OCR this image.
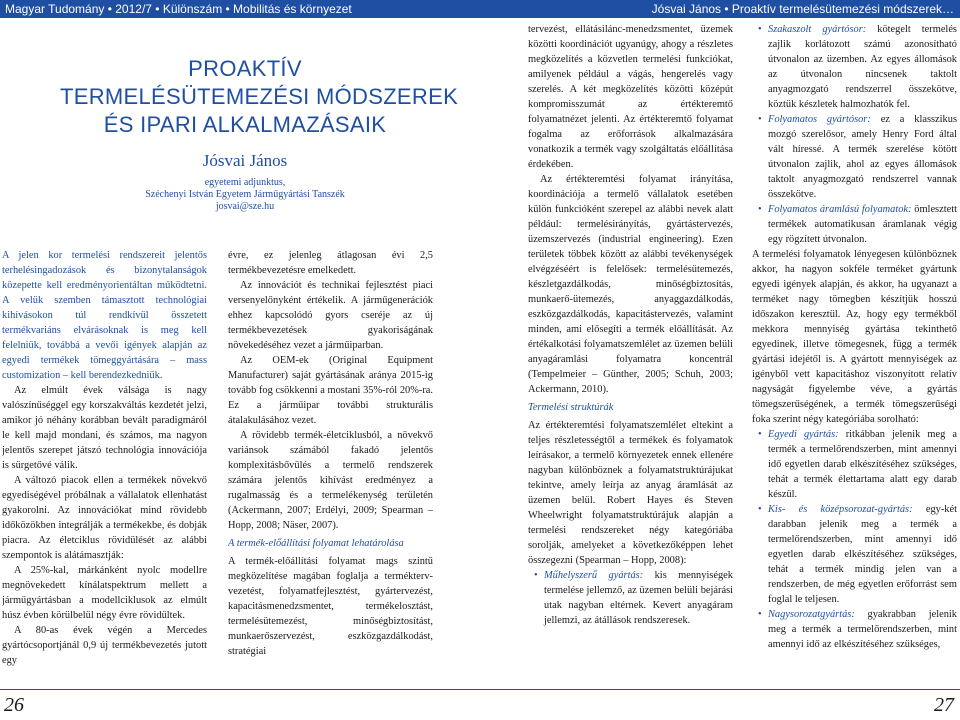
Magyar Tudomány • 2012/7 • Különszám • Mobilitás és környezet	Jósvai János • Proaktív termelésütemezési módszerek…
PROAKTÍV
TERMELÉSÜTEMEZÉSI MÓDSZEREK
ÉS IPARI ALKALMAZÁSAIK
Jósvai János
egyetemi adjunktus,
Széchenyi István Egyetem Járműgyártási Tanszék
josvai@sze.hu

A jelen kor termelési rendszereit jelentős terhelésingadozások és bizonytalanságok közepette kell eredményorientáltan működtetni. A velük szemben támasztott technológiai kihívásokon túl rendkívül összetett termékvariáns elvárásoknak is meg kell felelniük, továbbá a vevői igények alapján az egyedi termékek tömeggyártására – mass customization – kell berendezkedniük.

Az elmúlt évek válsága is nagy valószínűséggel egy korszakváltás kezdetét jelzi, amikor jó néhány korábban bevált paradigmáról le kell majd mondani, és számos, ma nagyon jelentős szerepet játszó technológia innovációja is sürgetővé válik.

A változó piacok ellen a termékek növekvő egyediségével próbálnak a vállalatok ellenhatást gyakorolni. Az innovációkat mind rövidebb időközökben integrálják a termékekbe, és dobják piacra. Az életciklus rövidülését az alábbi szempontok is alátámasztják:

A 25%-kal, márkánként nyolc modellre megnövekedett kínálatspektrum mellett a járműgyártásban a modellciklusok az elmúlt húsz évben körülbelül négy évre rövidültek.

A 80-as évek végén a Mercedes gyártócsoportjánál 0,9 új termékbevezetés jutott egy

évre, ez jelenleg átlagosan évi 2,5 termékbevezetésre emelkedett.

Az innovációt és technikai fejlesztést piaci versenyelőnyként értékelik. A járműgenerációk ehhez kapcsolódó gyors cseréje az új termékbevezetések gyakoriságának növekedéséhez vezet a járműiparban.

Az OEM-ek (Original Equipment Manufacturer) saját gyártásának aránya 2015-ig tovább fog csökkenni a mostani 35%-ról 20%-ra. Ez a járműipar további strukturális átalakulásához vezet.

A rövidebb termék-életciklusból, a növekvő variánsok számából fakadó jelentős komplexitásbővülés a termelő rendszerek számára jelentős kihívást eredményez a rugalmasság és a termelékenység területén (Ackermann, 2007; Erdélyi, 2009; Spearman – Hopp, 2008; Näser, 2007).

A termék-előállítási folyamat lehatárolása

A termék-előállítási folyamat mags szintű megközelítése magában foglalja a termékterv-vezetést, folyamatfejlesztést, gyártervezést, kapacitásmenedzsmentet, termékelosztást, termelésütemezést, minőségbiztosítást, munkaerőszervezést, eszközgazdálkodást, stratégiai

tervezést, ellátásilánc-menedzsmentet, üzemek közötti koordinációt ugyanúgy, ahogy a részletes megközelítés a közvetlen termelési funkciókat, amilyenek például a vágás, hengerelés vagy szerelés. A két megközelítés közötti középút kompromisszumát az értékteremtő folyamatnézet jelenti. Az értékteremtő folyamat fogalma az erőforrások alkalmazására vonatkozik a termék vagy szolgáltatás előállítása érdekében.

Az értékteremtési folyamat irányítása, koordinációja a termelő vállalatok esetében külön funkcióként szerepel az alábbi nevek alatt például: termelésirányítás, gyártástervezés, üzemszervezés (industrial engineering). Ezen területek többek között az alábbi tevékenységek elvégzéséért is felelősek: termelésütemezés, készletgazdálkodás, minőségbiztosítás, munkaerő-ütemezés, anyaggazdálkodás, eszközgazdálkodás, kapacitástervezés, valamint minden, ami elősegíti a termék előállítását. Az értékalkotási folyamatszemlélet az üzemen belüli anyagáramlási folyamatra koncentrál (Tempelmeier – Günther, 2005; Schuh, 2003; Ackermann, 2010).

Termelési struktúrák

Az értékteremtési folyamatszemlélet eltekint a teljes részletességtől a termékek és folyamatok leírásakor, a termelő környezetek ennek ellenére nagyban különböznek a folyamatstruktúrájukat tekintve, amely leírja az anyag áramlását az üzemen belül. Robert Hayes és Steven Wheelwright folyamatstruktúrájuk alapján a termelési rendszereket négy kategóriába sorolják, amelyeket a következőképpen lehet összegezni (Spearman – Hopp, 2008):

• Műhelyszerű gyártás: kis mennyiségek termelése jellemző, az üzemen belüli bejárási utak nagyban eltérnek. Kevert anyagáram jellemzi, az átállások rendszeresek.
• Szakaszolt gyártósor: kötegelt termelés zajlik korlátozott számú azonosítható útvonalon az üzemben. Az egyes állomások az útvonalon nincsenek taktolt anyagmozgató rendszerrel összekötve, köztük készletek halmozhatók fel.
• Folyamatos gyártósor: ez a klasszikus mozgó szerelősor, amely Henry Ford által vált híressé. A termék szerelése kötött útvonalon zajlik, ahol az egyes állomások taktolt anyagmozgató rendszerrel vannak összekötve.
• Folyamatos áramlású folyamatok: ömlesztett termékek automatikusan áramlanak végig egy rögzített útvonalon.

A termelési folyamatok lényegesen különböznek akkor, ha nagyon sokféle terméket gyártunk egyedi igények alapján, és akkor, ha ugyanazt a terméket nagy tömegben készítjük hosszú időszakon keresztül. Az, hogy egy termékből mekkora mennyiség gyártása tekinthető egyedinek, illetve tömegesnek, függ a termék gyártási idejétől is. A gyártott mennyiségek az igényből vett kapacitáshoz viszonyított relatív nagyságát figyelembe véve, a gyártás tömegszerűségének, a termék tömegszerűségi foka szerint négy kategóriába sorolható:

• Egyedi gyártás: ritkábban jelenik meg a termék a termelőrendszerben, mint amennyi idő egyetlen darab elkészítéséhez szükséges, tehát a termék élettartama alatt egy darab készül.
• Kis- és középsorozat-gyártás: egy-két darabban jelenik meg a termék a termelőrendszerben, mint amennyi idő egyetlen darab elkészítéséhez szükséges, tehát a termék mindig jelen van a rendszerben, de még egyetlen erőforrást sem foglal le teljesen.
• Nagysorozatgyártás: gyakrabban jelenik meg a termék a termelőrendszerben, mint amennyi idő az elkészítéséhez szükséges,
26	27
